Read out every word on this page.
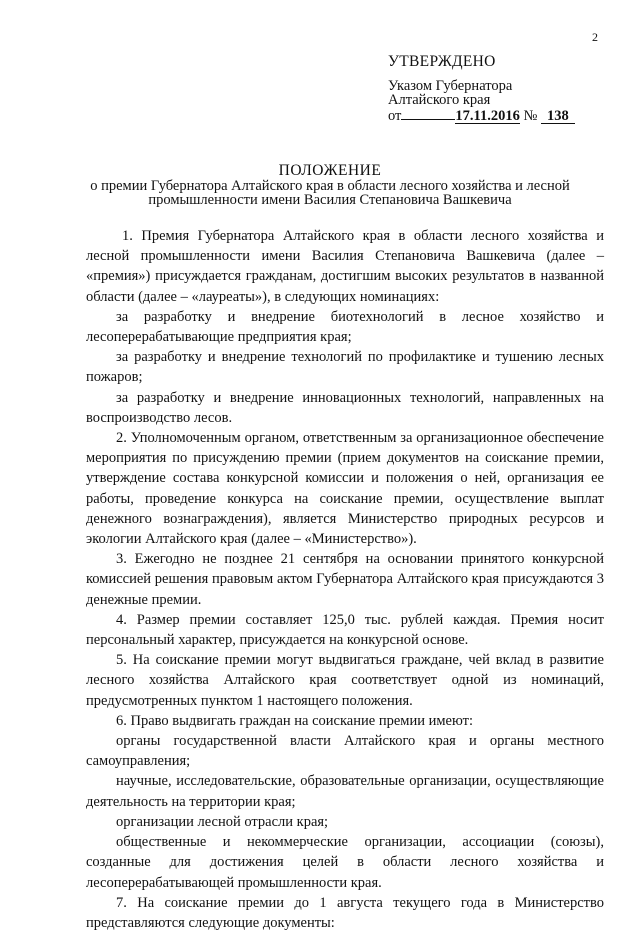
2
УТВЕРЖДЕНО
Указом Губернатора
Алтайского края
от	17.11.2016 № 138
ПОЛОЖЕНИЕ
о премии Губернатора Алтайского края в области лесного хозяйства и лесной
промышленности имени Василия Степановича Вашкевича

1. Премия Губернатора Алтайского края в области лесного хозяйства и лесной промышленности имени Василия Степановича Вашкевича (далее – «премия») присуждается гражданам, достигшим высоких результатов в названной области (далее – «лауреаты»), в следующих номинациях:

за разработку и внедрение биотехнологий в лесное хозяйство и лесоперерабатывающие предприятия края;

за разработку и внедрение технологий по профилактике и тушению лесных пожаров;

за разработку и внедрение инновационных технологий, направленных на воспроизводство лесов.

2. Уполномоченным органом, ответственным за организационное обеспечение мероприятия по присуждению премии (прием документов на соискание премии, утверждение состава конкурсной комиссии и положения о ней, организация ее работы, проведение конкурса на соискание премии, осуществление выплат денежного вознаграждения), является Министерство природных ресурсов и экологии Алтайского края (далее – «Министерство»).

3. Ежегодно не позднее 21 сентября на основании принятого конкурсной комиссией решения правовым актом Губернатора Алтайского края присуждаются 3 денежные премии.

4. Размер премии составляет 125,0 тыс. рублей каждая. Премия носит персональный характер, присуждается на конкурсной основе.

5. На соискание премии могут выдвигаться граждане, чей вклад в развитие лесного хозяйства Алтайского края соответствует одной из номинаций, предусмотренных пунктом 1 настоящего положения.

6. Право выдвигать граждан на соискание премии имеют:

органы государственной власти Алтайского края и органы местного самоуправления;

научные, исследовательские, образовательные организации, осуществляющие деятельность на территории края;

организации лесной отрасли края;

общественные и некоммерческие организации, ассоциации (союзы), созданные для достижения целей в области лесного хозяйства и лесоперерабатывающей промышленности края.

7. На соискание премии до 1 августа текущего года в Министерство представляются следующие документы:
